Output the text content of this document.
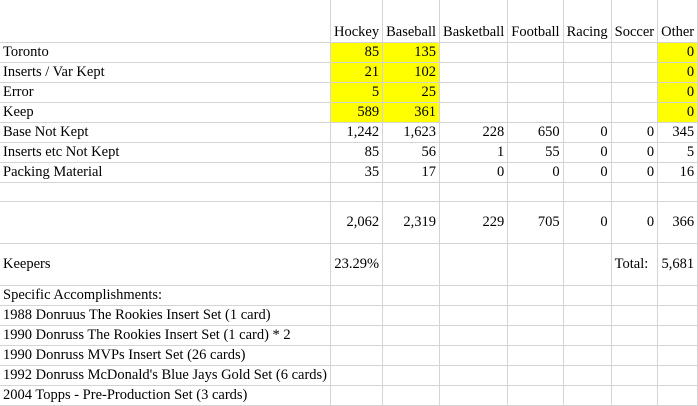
	Hockey	Baseball	Basketball	Football	Racing	Soccer	Other
Toronto	85	135					0
Inserts / Var Kept	21	102					0
Error	5	25					0
Keep	589	361					0
Base Not Kept	1,242	1,623	228	650	0	0	345
Inserts etc Not Kept	85	56	1	55	0	0	5
Packing Material	35	17	0	0	0	0	16

	2,062	2,319	229	705	0	0	366
Keepers	23.29%					Total:	5,681
Specific Accomplishments:							
1988 Donruus The Rookies Insert Set (1 card)							
1990 Donruss The Rookies Insert Set (1 card) * 2							
1990 Donruss MVPs Insert Set (26 cards)							
1992 Donruss McDonald's Blue Jays Gold Set (6 cards)							
2004 Topps - Pre-Production Set (3 cards)							
